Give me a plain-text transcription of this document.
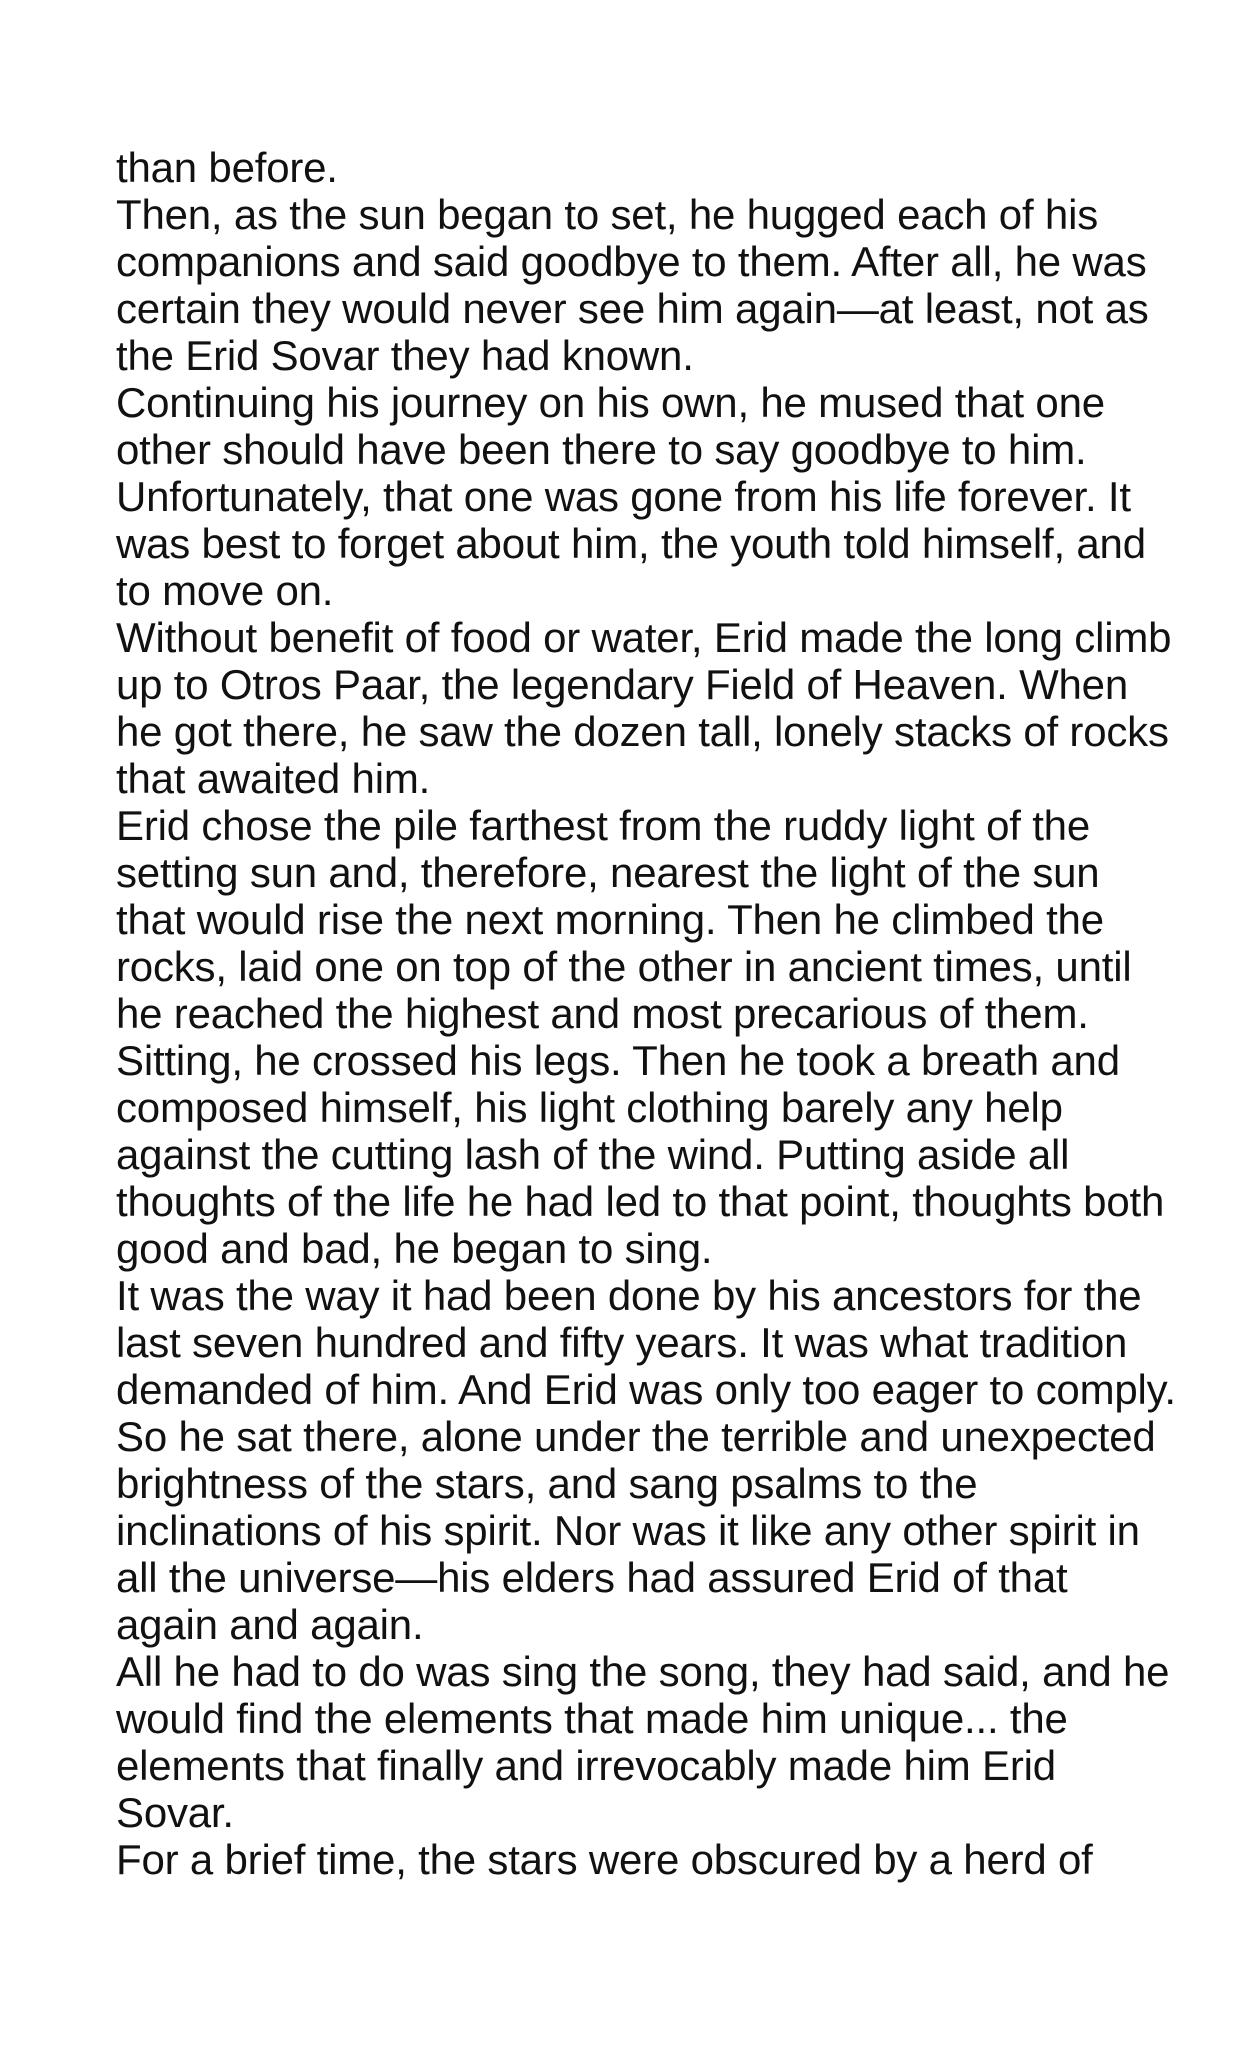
than before.

Then, as the sun began to set, he hugged each of his companions and said goodbye to them. After all, he was certain they would never see him again—at least, not as the Erid Sovar they had known.

Continuing his journey on his own, he mused that one other should have been there to say goodbye to him. Unfortunately, that one was gone from his life forever. It was best to forget about him, the youth told himself, and to move on.

Without benefit of food or water, Erid made the long climb up to Otros Paar, the legendary Field of Heaven. When he got there, he saw the dozen tall, lonely stacks of rocks that awaited him.

Erid chose the pile farthest from the ruddy light of the setting sun and, therefore, nearest the light of the sun that would rise the next morning. Then he climbed the rocks, laid one on top of the other in ancient times, until he reached the highest and most precarious of them.

Sitting, he crossed his legs. Then he took a breath and composed himself, his light clothing barely any help against the cutting lash of the wind. Putting aside all thoughts of the life he had led to that point, thoughts both good and bad, he began to sing.

It was the way it had been done by his ancestors for the last seven hundred and fifty years. It was what tradition demanded of him. And Erid was only too eager to comply.

So he sat there, alone under the terrible and unexpected brightness of the stars, and sang psalms to the inclinations of his spirit. Nor was it like any other spirit in all the universe—his elders had assured Erid of that again and again.

All he had to do was sing the song, they had said, and he would find the elements that made him unique... the elements that finally and irrevocably made him Erid Sovar.

For a brief time, the stars were obscured by a herd of
